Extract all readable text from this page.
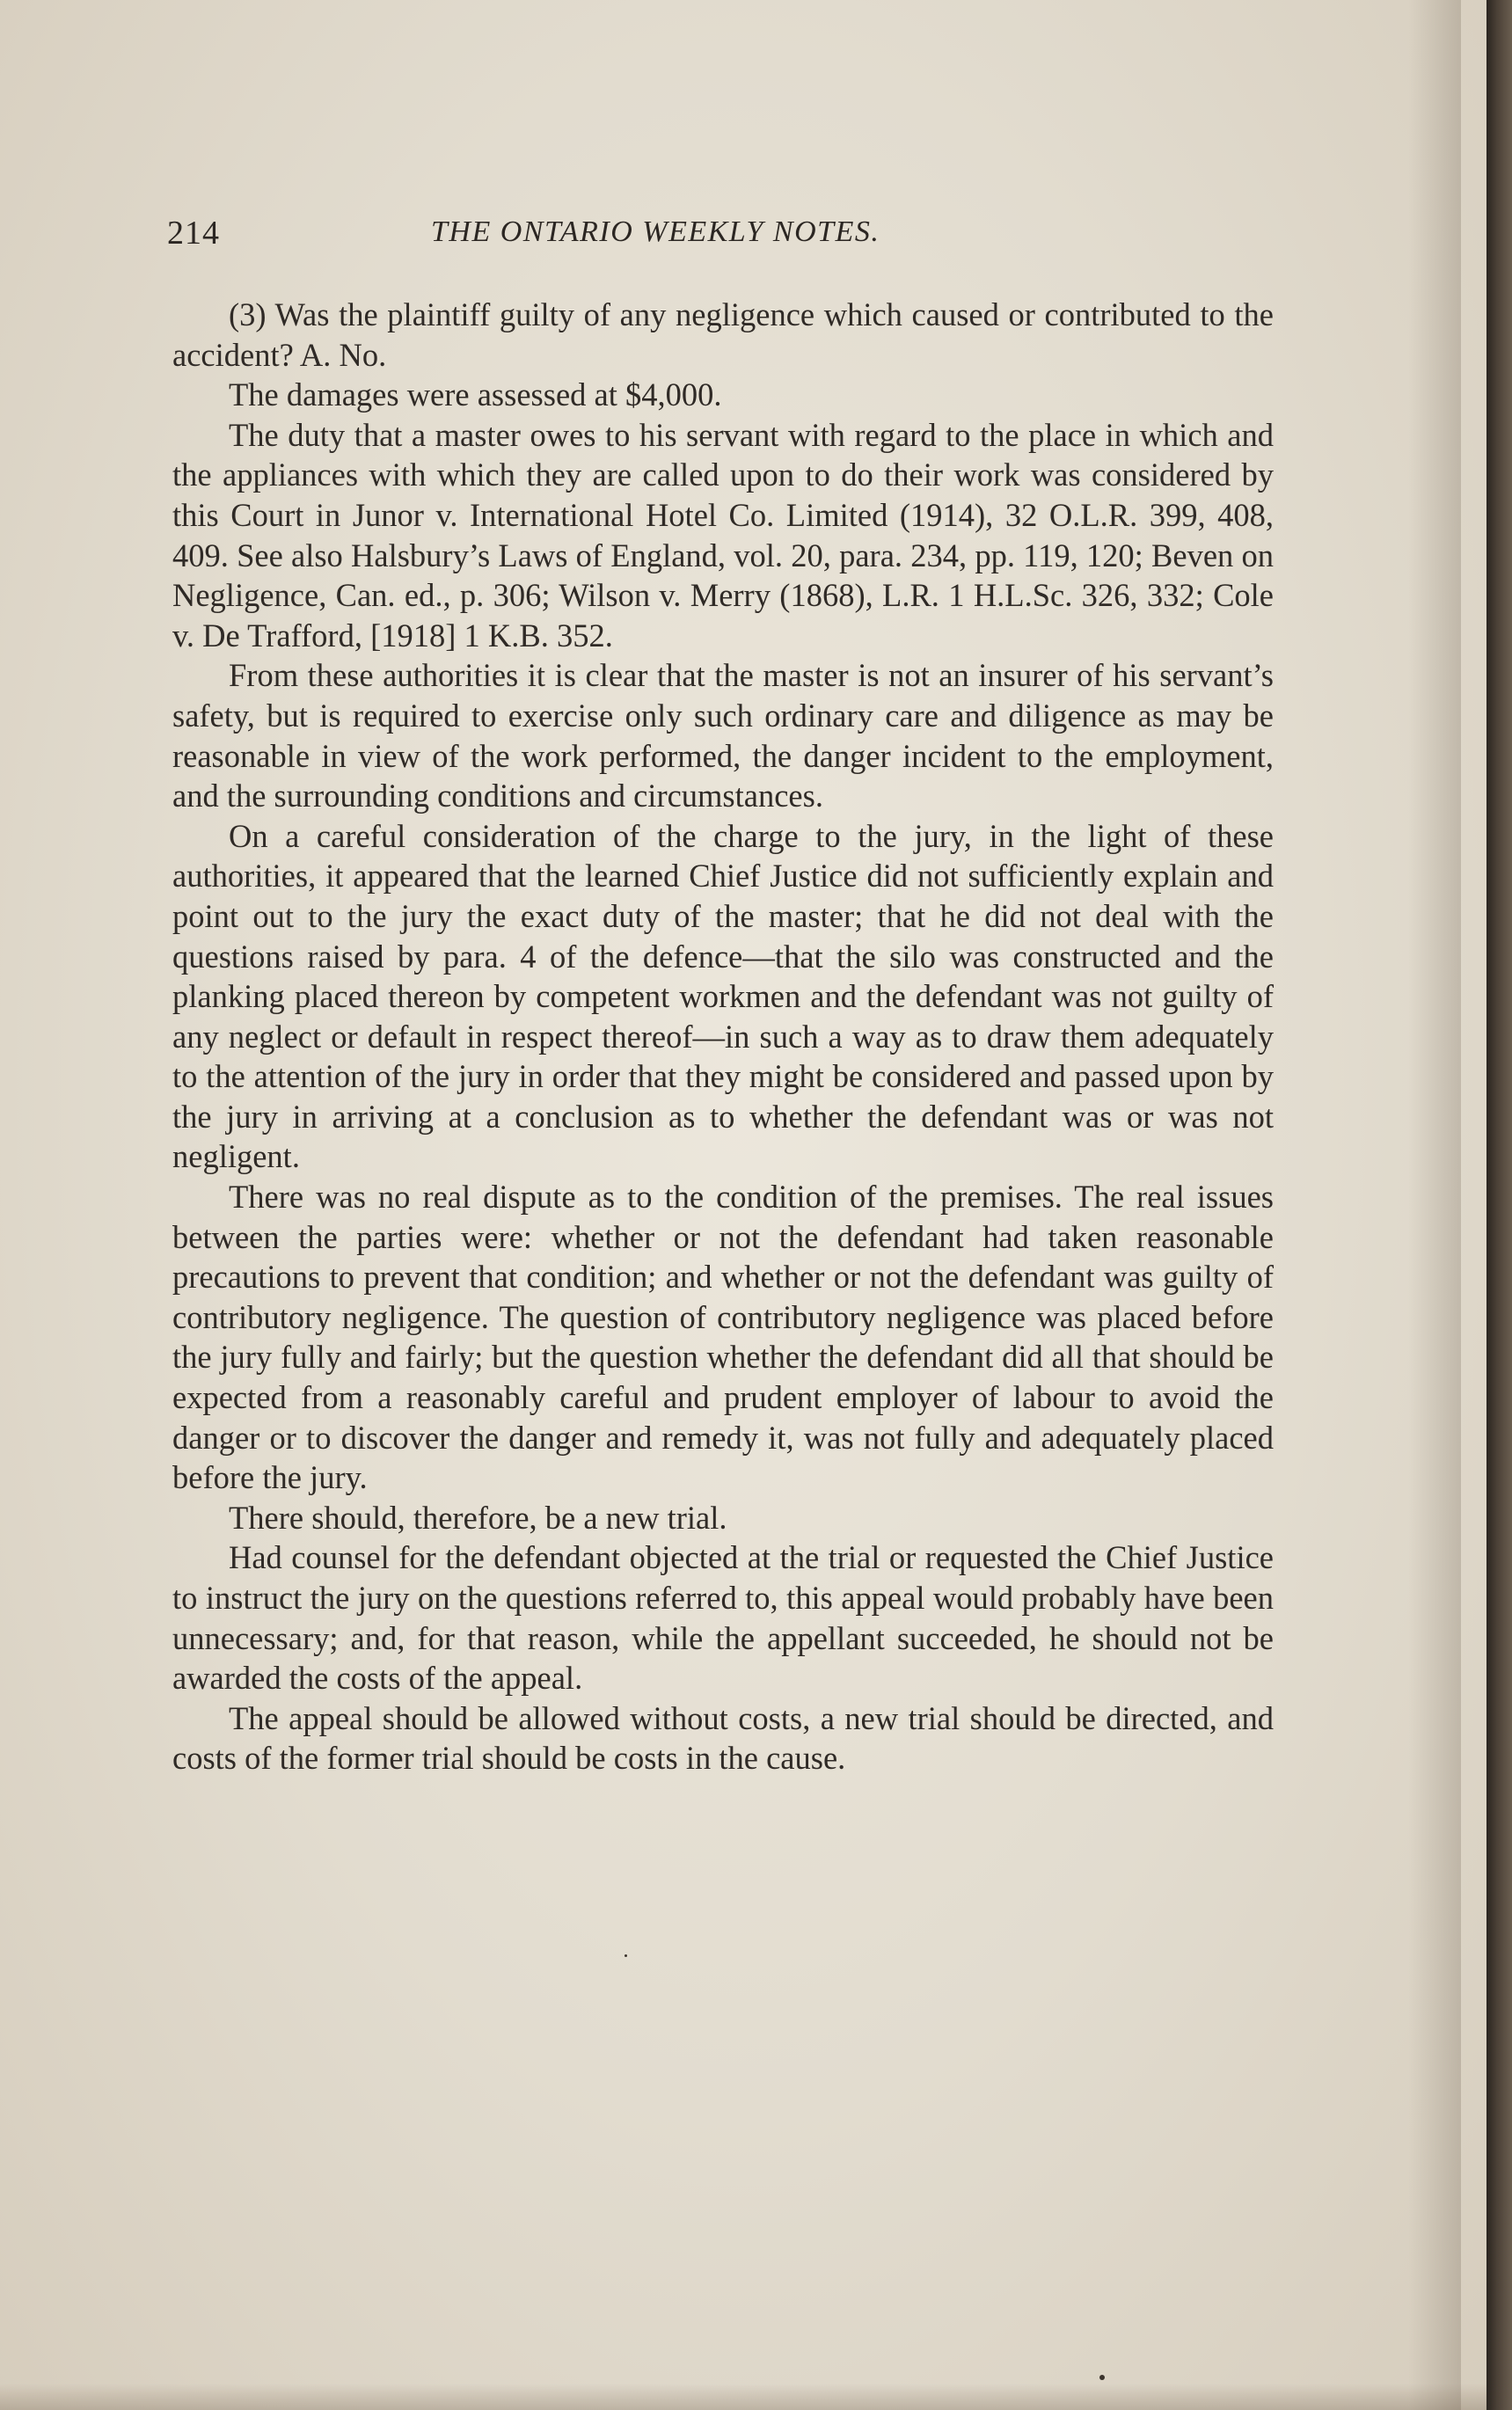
214	THE ONTARIO WEEKLY NOTES.

(3) Was the plaintiff guilty of any negligence which caused or contributed to the accident? A. No.

The damages were assessed at $4,000.

The duty that a master owes to his servant with regard to the place in which and the appliances with which they are called upon to do their work was considered by this Court in Junor v. International Hotel Co. Limited (1914), 32 O.L.R. 399, 408, 409. See also Halsbury’s Laws of England, vol. 20, para. 234, pp. 119, 120; Beven on Negligence, Can. ed., p. 306; Wilson v. Merry (1868), L.R. 1 H.L.Sc. 326, 332; Cole v. De Trafford, [1918] 1 K.B. 352.

From these authorities it is clear that the master is not an insurer of his servant’s safety, but is required to exercise only such ordinary care and diligence as may be reasonable in view of the work performed, the danger incident to the employment, and the surrounding conditions and circumstances.

On a careful consideration of the charge to the jury, in the light of these authorities, it appeared that the learned Chief Justice did not sufficiently explain and point out to the jury the exact duty of the master; that he did not deal with the questions raised by para. 4 of the defence—that the silo was constructed and the planking placed thereon by competent workmen and the defendant was not guilty of any neglect or default in respect thereof—in such a way as to draw them adequately to the attention of the jury in order that they might be considered and passed upon by the jury in arriving at a conclusion as to whether the defendant was or was not negligent.

There was no real dispute as to the condition of the premises. The real issues between the parties were: whether or not the defendant had taken reasonable precautions to prevent that condition; and whether or not the defendant was guilty of contributory negligence. The question of contributory negligence was placed before the jury fully and fairly; but the question whether the defendant did all that should be expected from a reasonably careful and prudent employer of labour to avoid the danger or to discover the danger and remedy it, was not fully and adequately placed before the jury.

There should, therefore, be a new trial.

Had counsel for the defendant objected at the trial or requested the Chief Justice to instruct the jury on the questions referred to, this appeal would probably have been unnecessary; and, for that reason, while the appellant succeeded, he should not be awarded the costs of the appeal.

The appeal should be allowed without costs, a new trial should be directed, and costs of the former trial should be costs in the cause.
